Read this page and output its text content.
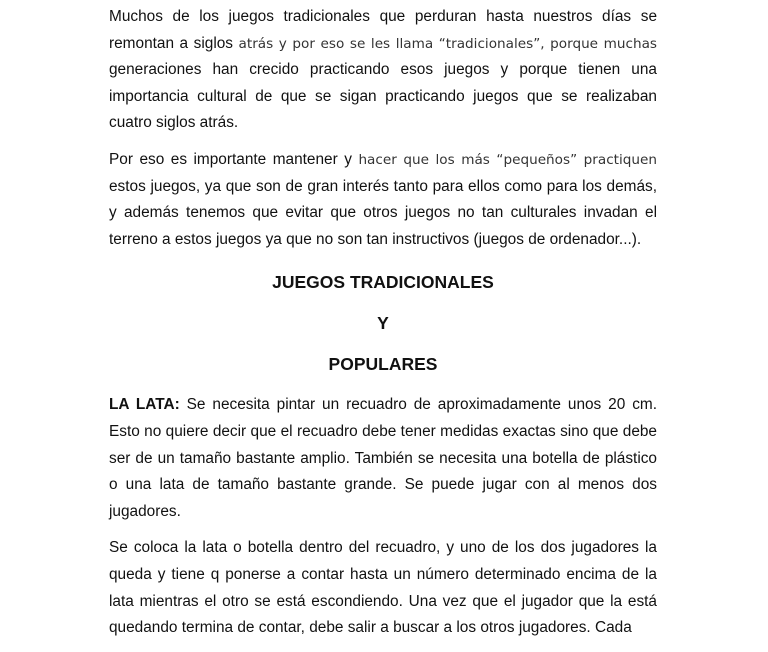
Muchos de los juegos tradicionales que perduran hasta nuestros días se remontan a siglos atrás y por eso se les llama “tradicionales”, porque muchas generaciones han crecido practicando esos juegos y porque tienen una importancia cultural de que se sigan practicando juegos que se realizaban cuatro siglos atrás.

Por eso es importante mantener y hacer que los más “pequeños” practiquen estos juegos, ya que son de gran interés tanto para ellos como para los demás, y además tenemos que evitar que otros juegos no tan culturales invadan el terreno a estos juegos ya que no son tan instructivos (juegos de ordenador...).

JUEGOS TRADICIONALES

Y

POPULARES

LA LATA: Se necesita pintar un recuadro de aproximadamente unos 20 cm. Esto no quiere decir que el recuadro debe tener medidas exactas sino que debe ser de un tamaño bastante amplio. También se necesita una botella de plástico o una lata de tamaño bastante grande. Se puede jugar con al menos dos jugadores.

Se coloca la lata o botella dentro del recuadro, y uno de los dos jugadores la queda y tiene q ponerse a contar hasta un número determinado encima de la lata mientras el otro se está escondiendo. Una vez que el jugador que la está quedando termina de contar, debe salir a buscar a los otros jugadores. Cada
